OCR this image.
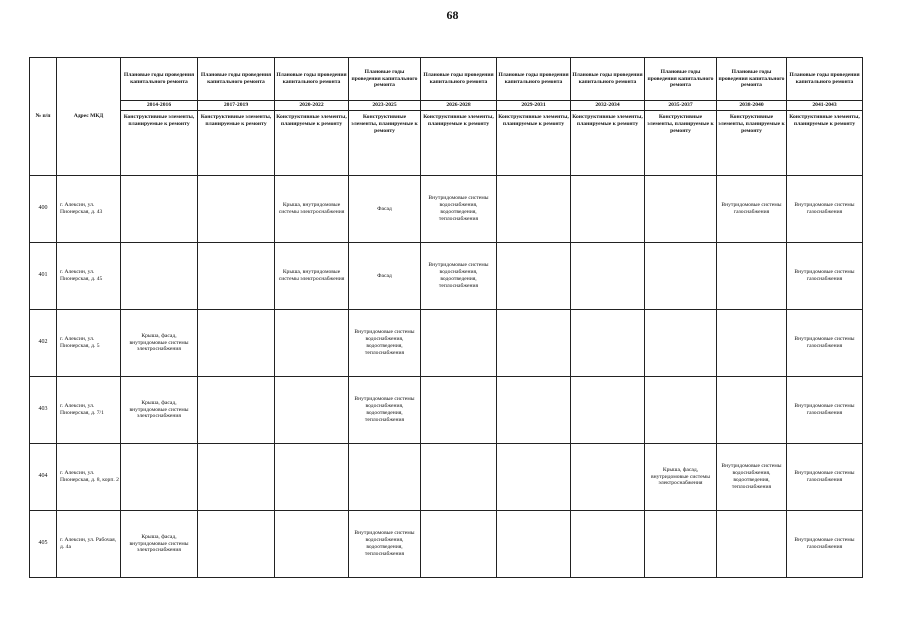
68
№ п/п	Адрес МКД	Плановые годы проведения капитального ремонта	Плановые годы проведения капитального ремонта	Плановые годы проведения капитального ремонта	Плановые годы проведения капитального ремонта	Плановые годы проведения капитального ремонта	Плановые годы проведения капитального ремонта	Плановые годы проведения капитального ремонта	Плановые годы проведения капитального ремонта	Плановые годы проведения капитального ремонта	Плановые годы проведения капитального ремонта
		2014-2016	2017-2019	2020-2022	2023-2025	2026-2028	2029-2031	2032-2034	2035-2037	2038-2040	2041-2043
		Конструктивные элементы, планируемые к ремонту	Конструктивные элементы, планируемые к ремонту	Конструктивные элементы, планируемые к ремонту	Конструктивные элементы, планируемые к ремонту	Конструктивные элементы, планируемые к ремонту	Конструктивные элементы, планируемые к ремонту	Конструктивные элементы, планируемые к ремонту	Конструктивные элементы, планируемые к ремонту	Конструктивные элементы, планируемые к ремонту	Конструктивные элементы, планируемые к ремонту
400	г. Алексин, ул. Пионерская, д. 43			Крыша, внутридомовые системы электроснабжения	Фасад	Внутридомовые системы водоснабжения, водоотведения, теплоснабжения				Внутридомовые системы газоснабжения	Внутридомовые системы газоснабжения
401	г. Алексин, ул. Пионерская, д. 45			Крыша, внутридомовые системы электроснабжения	Фасад	Внутридомовые системы водоснабжения, водоотведения, теплоснабжения					Внутридомовые системы газоснабжения
402	г. Алексин, ул. Пионерская, д. 5	Крыша, фасад, внутридомовые системы электроснабжения			Внутридомовые системы водоснабжения, водоотведения, теплоснабжения						Внутридомовые системы газоснабжения
403	г. Алексин, ул. Пионерская, д. 7/1	Крыша, фасад, внутридомовые системы электроснабжения			Внутридомовые системы водоснабжения, водоотведения, теплоснабжения						Внутридомовые системы газоснабжения
404	г. Алексин, ул. Пионерская, д. 8, корп. 2								Крыша, фасад, внутридомовые системы электроснабжения	Внутридомовые системы водоснабжения, водоотведения, теплоснабжения	Внутридомовые системы газоснабжения
405	г. Алексин, ул. Рабочая, д. 4а	Крыша, фасад, внутридомовые системы электроснабжения			Внутридомовые системы водоснабжения, водоотведения, теплоснабжения						Внутридомовые системы газоснабжения
